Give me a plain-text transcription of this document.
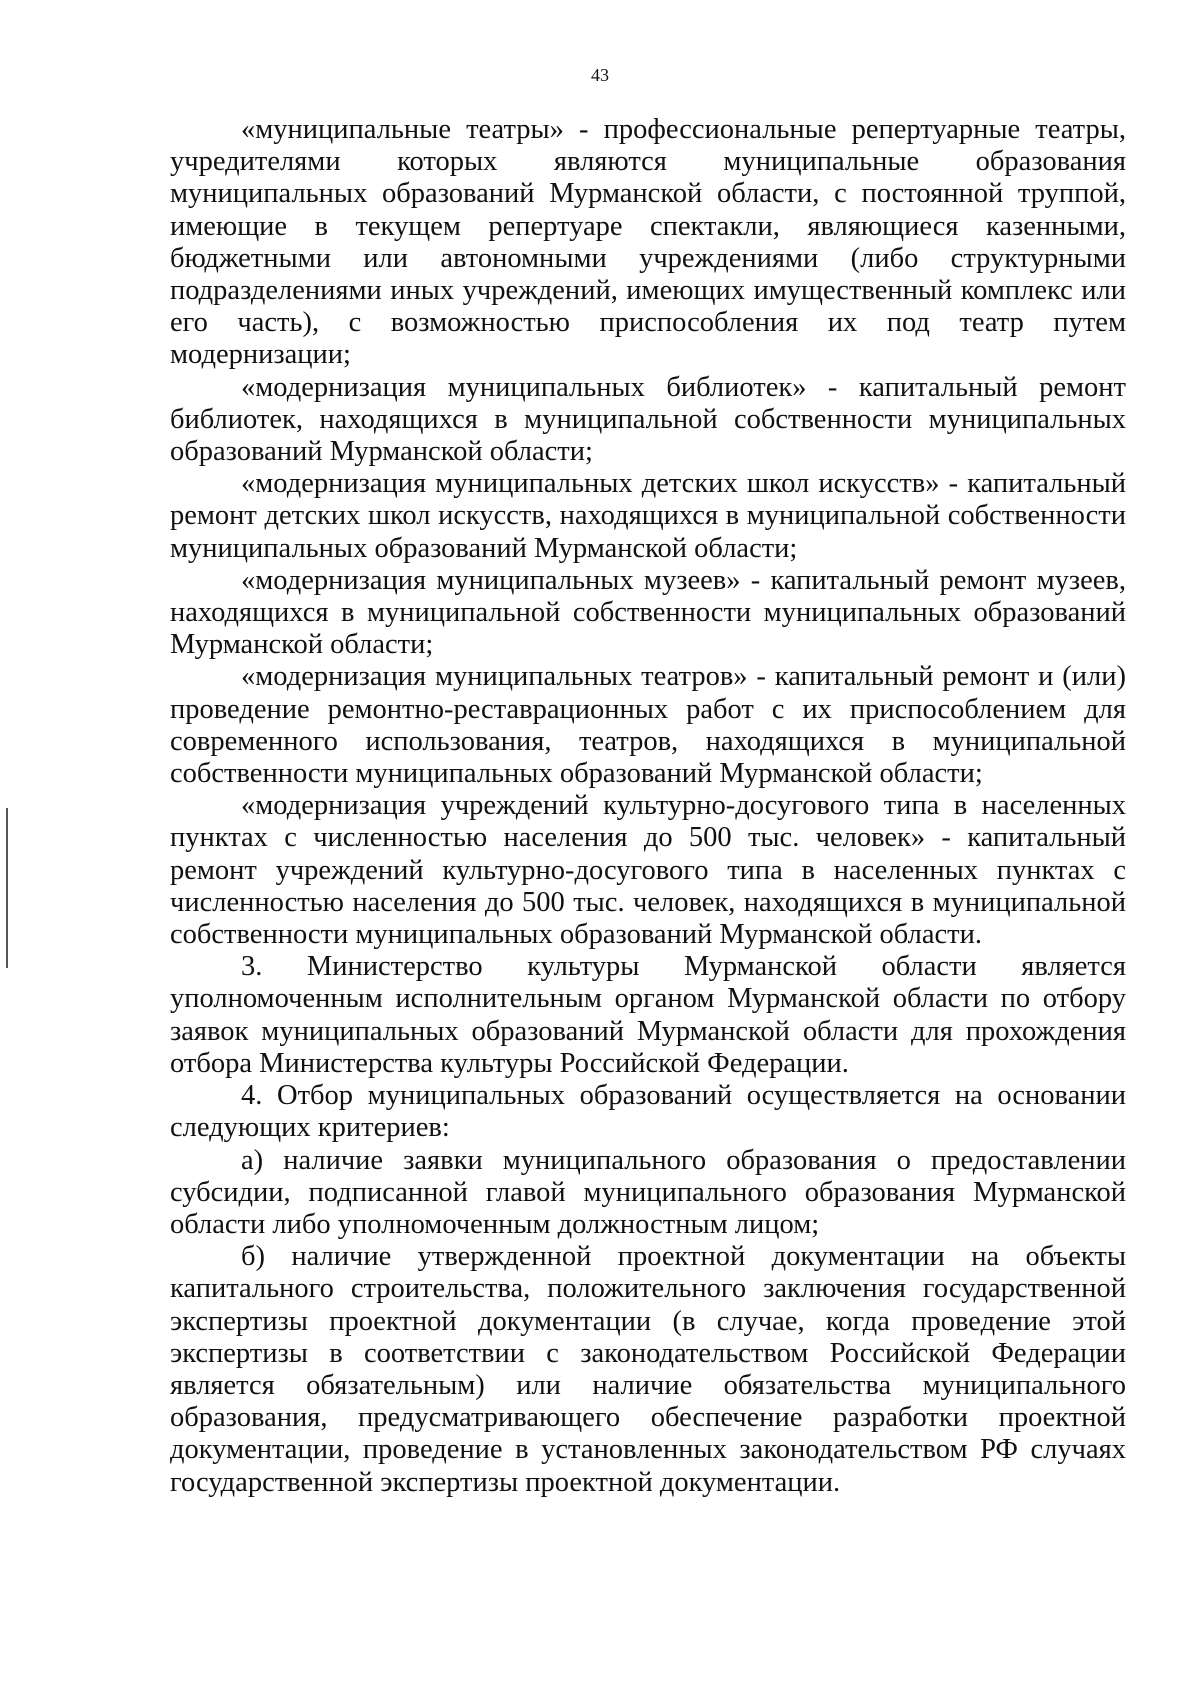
43

«муниципальные театры» - профессиональные репертуарные театры, учредителями которых являются муниципальные образования муниципальных образований Мурманской области, с постоянной труппой, имеющие в текущем репертуаре спектакли, являющиеся казенными, бюджетными или автономными учреждениями (либо структурными подразделениями иных учреждений, имеющих имущественный комплекс или его часть), с возможностью приспособления их под театр путем модернизации;

«модернизация муниципальных библиотек» - капитальный ремонт библиотек, находящихся в муниципальной собственности муниципальных образований Мурманской области;

«модернизация муниципальных детских школ искусств» - капитальный ремонт детских школ искусств, находящихся в муниципальной собственности муниципальных образований Мурманской области;

«модернизация муниципальных музеев» - капитальный ремонт музеев, находящихся в муниципальной собственности муниципальных образований Мурманской области;

«модернизация муниципальных театров» - капитальный ремонт и (или) проведение ремонтно-реставрационных работ с их приспособлением для современного использования, театров, находящихся в муниципальной собственности муниципальных образований Мурманской области;

«модернизация учреждений культурно-досугового типа в населенных пунктах с численностью населения до 500 тыс. человек» - капитальный ремонт учреждений культурно-досугового типа в населенных пунктах с численностью населения до 500 тыс. человек, находящихся в муниципальной собственности муниципальных образований Мурманской области.

3. Министерство культуры Мурманской области является уполномоченным исполнительным органом Мурманской области по отбору заявок муниципальных образований Мурманской области для прохождения отбора Министерства культуры Российской Федерации.

4. Отбор муниципальных образований осуществляется на основании следующих критериев:

а) наличие заявки муниципального образования о предоставлении субсидии, подписанной главой муниципального образования Мурманской области либо уполномоченным должностным лицом;

б) наличие утвержденной проектной документации на объекты капитального строительства, положительного заключения государственной экспертизы проектной документации (в случае, когда проведение этой экспертизы в соответствии с законодательством Российской Федерации является обязательным) или наличие обязательства муниципального образования, предусматривающего обеспечение разработки проектной документации, проведение в установленных законодательством РФ случаях государственной экспертизы проектной документации.
